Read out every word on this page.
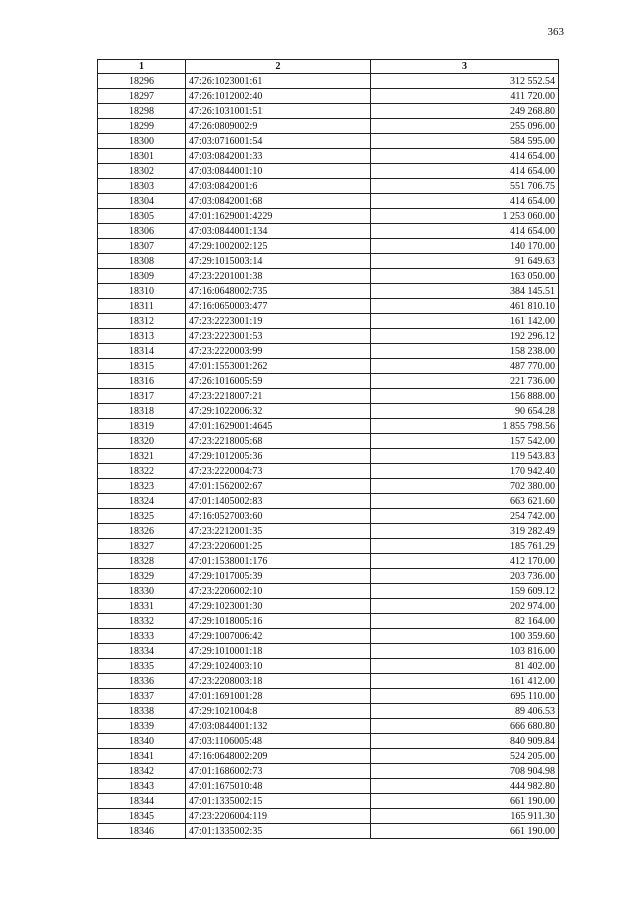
363
1	2	3
18296	47:26:1023001:61	312 552.54
18297	47:26:1012002:40	411 720.00
18298	47:26:1031001:51	249 268.80
18299	47:26:0809002:9	255 096.00
18300	47:03:0716001:54	584 595.00
18301	47:03:0842001:33	414 654.00
18302	47:03:0844001:10	414 654.00
18303	47:03:0842001:6	551 706.75
18304	47:03:0842001:68	414 654.00
18305	47:01:1629001:4229	1 253 060.00
18306	47:03:0844001:134	414 654.00
18307	47:29:1002002:125	140 170.00
18308	47:29:1015003:14	91 649.63
18309	47:23:2201001:38	163 050.00
18310	47:16:0648002:735	384 145.51
18311	47:16:0650003:477	461 810.10
18312	47:23:2223001:19	161 142.00
18313	47:23:2223001:53	192 296.12
18314	47:23:2220003:99	158 238.00
18315	47:01:1553001:262	487 770.00
18316	47:26:1016005:59	221 736.00
18317	47:23:2218007:21	156 888.00
18318	47:29:1022006:32	90 654.28
18319	47:01:1629001:4645	1 855 798.56
18320	47:23:2218005:68	157 542.00
18321	47:29:1012005:36	119 543.83
18322	47:23:2220004:73	170 942.40
18323	47:01:1562002:67	702 380.00
18324	47:01:1405002:83	663 621.60
18325	47:16:0527003:60	254 742.00
18326	47:23:2212001:35	319 282.49
18327	47:23:2206001:25	185 761.29
18328	47:01:1538001:176	412 170.00
18329	47:29:1017005:39	203 736.00
18330	47:23:2206002:10	159 609.12
18331	47:29:1023001:30	202 974.00
18332	47:29:1018005:16	82 164.00
18333	47:29:1007006:42	100 359.60
18334	47:29:1010001:18	103 816.00
18335	47:29:1024003:10	81 402.00
18336	47:23:2208003:18	161 412.00
18337	47:01:1691001:28	695 110.00
18338	47:29:1021004:8	89 406.53
18339	47:03:0844001:132	666 680.80
18340	47:03:1106005:48	840 909.84
18341	47:16:0648002:209	524 205.00
18342	47:01:1686002:73	708 904.98
18343	47:01:1675010:48	444 982.80
18344	47:01:1335002:15	661 190.00
18345	47:23:2206004:119	165 911.30
18346	47:01:1335002:35	661 190.00
